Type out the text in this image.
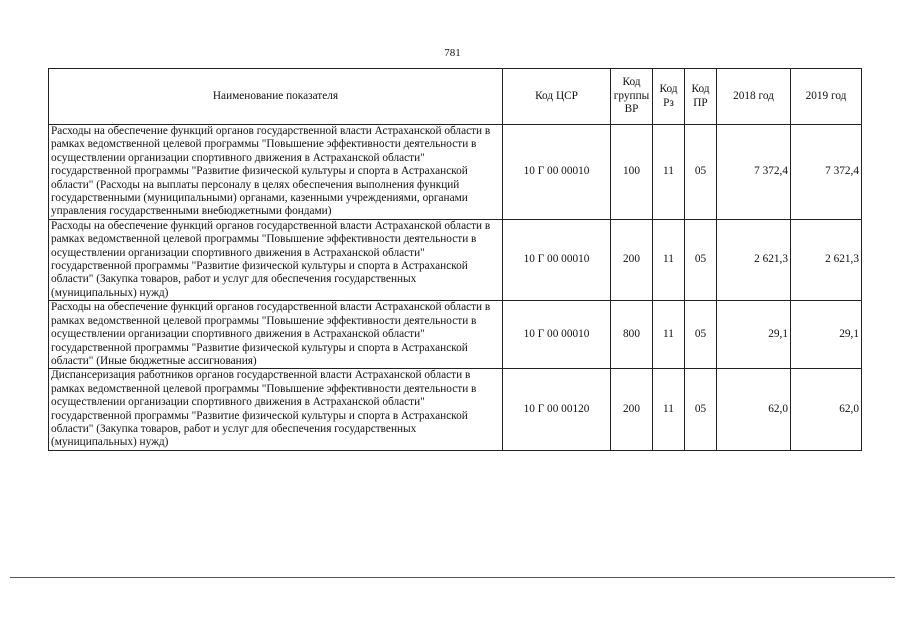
781
Наименование показателя	Код ЦСР	Код группы ВР	Код Рз	Код ПР	2018 год	2019 год
Расходы на обеспечение функций органов государственной власти Астраханской области в рамках ведомственной целевой программы "Повышение эффективности деятельности в осуществлении организации спортивного движения в Астраханской области" государственной программы "Развитие физической культуры и спорта в Астраханской области" (Расходы на выплаты персоналу в целях обеспечения выполнения функций государственными (муниципальными) органами, казенными учреждениями, органами управления государственными внебюджетными фондами)	10 Г 00 00010	100	11	05	7 372,4	7 372,4
Расходы на обеспечение функций органов государственной власти Астраханской области в рамках ведомственной целевой программы "Повышение эффективности деятельности в осуществлении организации спортивного движения в Астраханской области" государственной программы "Развитие физической культуры и спорта в Астраханской области" (Закупка товаров, работ и услуг для обеспечения государственных (муниципальных) нужд)	10 Г 00 00010	200	11	05	2 621,3	2 621,3
Расходы на обеспечение функций органов государственной власти Астраханской области в рамках ведомственной целевой программы "Повышение эффективности деятельности в осуществлении организации спортивного движения в Астраханской области" государственной программы "Развитие физической культуры и спорта в Астраханской области" (Иные бюджетные ассигнования)	10 Г 00 00010	800	11	05	29,1	29,1
Диспансеризация работников органов государственной власти Астраханской области в рамках ведомственной целевой программы "Повышение эффективности деятельности в осуществлении организации спортивного движения в Астраханской области" государственной программы "Развитие физической культуры и спорта в Астраханской области" (Закупка товаров, работ и услуг для обеспечения государственных (муниципальных) нужд)	10 Г 00 00120	200	11	05	62,0	62,0
